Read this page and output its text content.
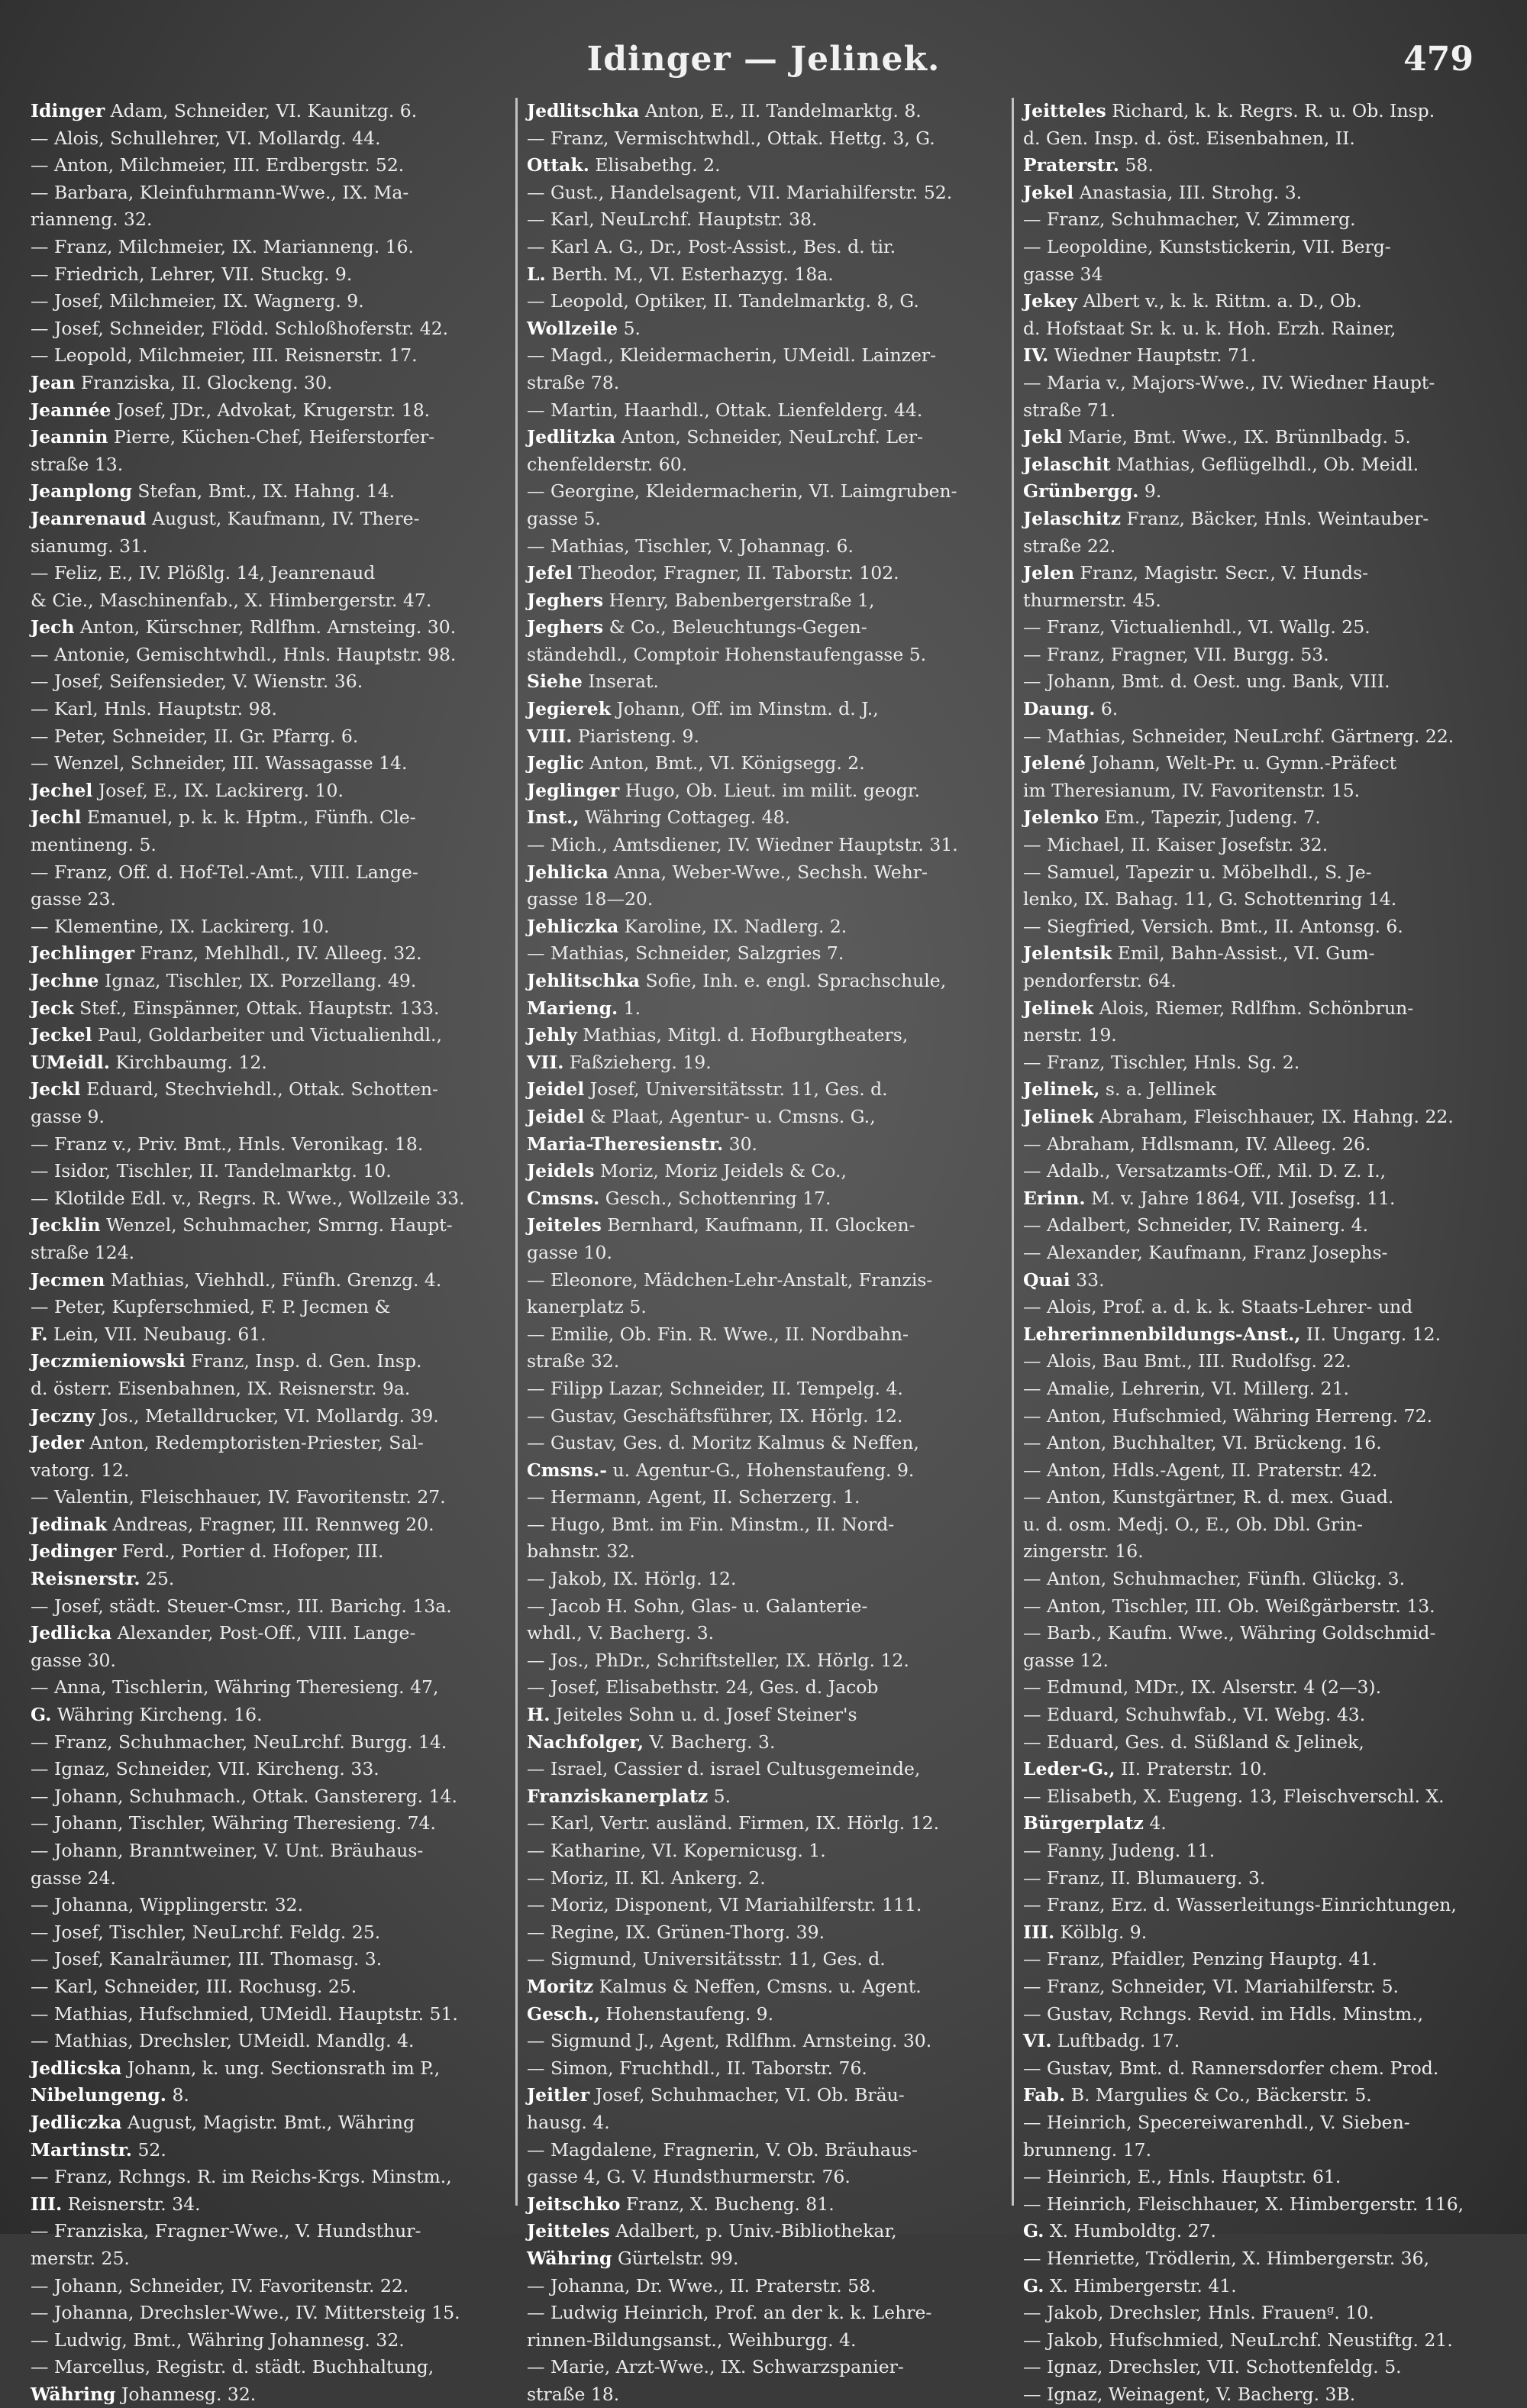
Idinger — Jelinek.	479
Idinger Adam, Schneider, VI. Kaunitzg. 6.
— Alois, Schullehrer, VI. Mollardg. 44.
— Anton, Milchmeier, III. Erdbergstr. 52.
— Barbara, Kleinfuhrmann-Wwe., IX. Ma-
rianneng. 32.
— Franz, Milchmeier, IX. Marianneng. 16.
— Friedrich, Lehrer, VII. Stuckg. 9.
— Josef, Milchmeier, IX. Wagnerg. 9.
— Josef, Schneider, Flödd. Schloßhoferstr. 42.
— Leopold, Milchmeier, III. Reisnerstr. 17.
Jean Franziska, II. Glockeng. 30.
Jeannée Josef, JDr., Advokat, Krugerstr. 18.
Jeannin Pierre, Küchen-Chef, Heiferstorfer-
straße 13.
Jeanplong Stefan, Bmt., IX. Hahng. 14.
Jeanrenaud August, Kaufmann, IV. There-
sianumg. 31.
— Feliz, E., IV. Plößlg. 14, Jeanrenaud
& Cie., Maschinenfab., X. Himbergerstr. 47.
Jech Anton, Kürschner, Rdlfhm. Arnsteing. 30.
— Antonie, Gemischtwhdl., Hnls. Hauptstr. 98.
— Josef, Seifensieder, V. Wienstr. 36.
— Karl, Hnls. Hauptstr. 98.
— Peter, Schneider, II. Gr. Pfarrg. 6.
— Wenzel, Schneider, III. Wassagasse 14.
Jechel Josef, E., IX. Lackirerg. 10.
Jechl Emanuel, p. k. k. Hptm., Fünfh. Cle-
mentineng. 5.
— Franz, Off. d. Hof-Tel.-Amt., VIII. Lange-
gasse 23.
— Klementine, IX. Lackirerg. 10.
Jechlinger Franz, Mehlhdl., IV. Alleeg. 32.
Jechne Ignaz, Tischler, IX. Porzellang. 49.
Jeck Stef., Einspänner, Ottak. Hauptstr. 133.
Jeckel Paul, Goldarbeiter und Victualienhdl.,
UMeidl. Kirchbaumg. 12.
Jeckl Eduard, Stechviehdl., Ottak. Schotten-
gasse 9.
— Franz v., Priv. Bmt., Hnls. Veronikag. 18.
— Isidor, Tischler, II. Tandelmarktg. 10.
— Klotilde Edl. v., Regrs. R. Wwe., Wollzeile 33.
Jecklin Wenzel, Schuhmacher, Smrng. Haupt-
straße 124.
Jecmen Mathias, Viehhdl., Fünfh. Grenzg. 4.
— Peter, Kupferschmied, F. P. Jecmen &
F. Lein, VII. Neubaug. 61.
Jeczmieniowski Franz, Insp. d. Gen. Insp.
d. österr. Eisenbahnen, IX. Reisnerstr. 9a.
Jeczny Jos., Metalldrucker, VI. Mollardg. 39.
Jeder Anton, Redemptoristen-Priester, Sal-
vatorg. 12.
— Valentin, Fleischhauer, IV. Favoritenstr. 27.
Jedinak Andreas, Fragner, III. Rennweg 20.
Jedinger Ferd., Portier d. Hofoper, III.
Reisnerstr. 25.
— Josef, städt. Steuer-Cmsr., III. Barichg. 13a.
Jedlicka Alexander, Post-Off., VIII. Lange-
gasse 30.
— Anna, Tischlerin, Währing Theresieng. 47,
G. Währing Kircheng. 16.
— Franz, Schuhmacher, NeuLrchf. Burgg. 14.
— Ignaz, Schneider, VII. Kircheng. 33.
— Johann, Schuhmach., Ottak. Ganstererg. 14.
— Johann, Tischler, Währing Theresieng. 74.
— Johann, Branntweiner, V. Unt. Bräuhaus-
gasse 24.
— Johanna, Wipplingerstr. 32.
— Josef, Tischler, NeuLrchf. Feldg. 25.
— Josef, Kanalräumer, III. Thomasg. 3.
— Karl, Schneider, III. Rochusg. 25.
— Mathias, Hufschmied, UMeidl. Hauptstr. 51.
— Mathias, Drechsler, UMeidl. Mandlg. 4.
Jedlicska Johann, k. ung. Sectionsrath im P.,
Nibelungeng. 8.
Jedliczka August, Magistr. Bmt., Währing
Martinstr. 52.
— Franz, Rchngs. R. im Reichs-Krgs. Minstm.,
III. Reisnerstr. 34.
— Franziska, Fragner-Wwe., V. Hundsthur-
merstr. 25.
— Johann, Schneider, IV. Favoritenstr. 22.
— Johanna, Drechsler-Wwe., IV. Mittersteig 15.
— Ludwig, Bmt., Währing Johannesg. 32.
— Marcellus, Registr. d. städt. Buchhaltung,
Währing Johannesg. 32.
Jedlitschka Anton, E., II. Tandelmarktg. 8.
— Franz, Vermischtwhdl., Ottak. Hettg. 3, G.
Ottak. Elisabethg. 2.
— Gust., Handelsagent, VII. Mariahilferstr. 52.
— Karl, NeuLrchf. Hauptstr. 38.
— Karl A. G., Dr., Post-Assist., Bes. d. tir.
L. Berth. M., VI. Esterhazyg. 18a.
— Leopold, Optiker, II. Tandelmarktg. 8, G.
Wollzeile 5.
— Magd., Kleidermacherin, UMeidl. Lainzer-
straße 78.
— Martin, Haarhdl., Ottak. Lienfelderg. 44.
Jedlitzka Anton, Schneider, NeuLrchf. Ler-
chenfelderstr. 60.
— Georgine, Kleidermacherin, VI. Laimgruben-
gasse 5.
— Mathias, Tischler, V. Johannag. 6.
Jefel Theodor, Fragner, II. Taborstr. 102.
Jeghers Henry, Babenbergerstraße 1,
Jeghers & Co., Beleuchtungs-Gegen-
ständehdl., Comptoir Hohenstaufengasse 5.
Siehe Inserat.
Jegierek Johann, Off. im Minstm. d. J.,
VIII. Piaristeng. 9.
Jeglic Anton, Bmt., VI. Königsegg. 2.
Jeglinger Hugo, Ob. Lieut. im milit. geogr.
Inst., Währing Cottageg. 48.
— Mich., Amtsdiener, IV. Wiedner Hauptstr. 31.
Jehlicka Anna, Weber-Wwe., Sechsh. Wehr-
gasse 18—20.
Jehliczka Karoline, IX. Nadlerg. 2.
— Mathias, Schneider, Salzgries 7.
Jehlitschka Sofie, Inh. e. engl. Sprachschule,
Marieng. 1.
Jehly Mathias, Mitgl. d. Hofburgtheaters,
VII. Faßzieherg. 19.
Jeidel Josef, Universitätsstr. 11, Ges. d.
Jeidel & Plaat, Agentur- u. Cmsns. G.,
Maria-Theresienstr. 30.
Jeidels Moriz, Moriz Jeidels & Co.,
Cmsns. Gesch., Schottenring 17.
Jeiteles Bernhard, Kaufmann, II. Glocken-
gasse 10.
— Eleonore, Mädchen-Lehr-Anstalt, Franzis-
kanerplatz 5.
— Emilie, Ob. Fin. R. Wwe., II. Nordbahn-
straße 32.
— Filipp Lazar, Schneider, II. Tempelg. 4.
— Gustav, Geschäftsführer, IX. Hörlg. 12.
— Gustav, Ges. d. Moritz Kalmus & Neffen,
Cmsns.- u. Agentur-G., Hohenstaufeng. 9.
— Hermann, Agent, II. Scherzerg. 1.
— Hugo, Bmt. im Fin. Minstm., II. Nord-
bahnstr. 32.
— Jakob, IX. Hörlg. 12.
— Jacob H. Sohn, Glas- u. Galanterie-
whdl., V. Bacherg. 3.
— Jos., PhDr., Schriftsteller, IX. Hörlg. 12.
— Josef, Elisabethstr. 24, Ges. d. Jacob
H. Jeiteles Sohn u. d. Josef Steiner's
Nachfolger, V. Bacherg. 3.
— Israel, Cassier d. israel Cultusgemeinde,
Franziskanerplatz 5.
— Karl, Vertr. ausländ. Firmen, IX. Hörlg. 12.
— Katharine, VI. Kopernicusg. 1.
— Moriz, II. Kl. Ankerg. 2.
— Moriz, Disponent, VI Mariahilferstr. 111.
— Regine, IX. Grünen-Thorg. 39.
— Sigmund, Universitätsstr. 11, Ges. d.
Moritz Kalmus & Neffen, Cmsns. u. Agent.
Gesch., Hohenstaufeng. 9.
— Sigmund J., Agent, Rdlfhm. Arnsteing. 30.
— Simon, Fruchthdl., II. Taborstr. 76.
Jeitler Josef, Schuhmacher, VI. Ob. Bräu-
hausg. 4.
— Magdalene, Fragnerin, V. Ob. Bräuhaus-
gasse 4, G. V. Hundsthurmerstr. 76.
Jeitschko Franz, X. Bucheng. 81.
Jeitteles Adalbert, p. Univ.-Bibliothekar,
Währing Gürtelstr. 99.
— Johanna, Dr. Wwe., II. Praterstr. 58.
— Ludwig Heinrich, Prof. an der k. k. Lehre-
rinnen-Bildungsanst., Weihburgg. 4.
— Marie, Arzt-Wwe., IX. Schwarzspanier-
straße 18.
Jeitteles Richard, k. k. Regrs. R. u. Ob. Insp.
d. Gen. Insp. d. öst. Eisenbahnen, II.
Praterstr. 58.
Jekel Anastasia, III. Strohg. 3.
— Franz, Schuhmacher, V. Zimmerg.
— Leopoldine, Kunststickerin, VII. Berg-
gasse 34
Jekey Albert v., k. k. Rittm. a. D., Ob.
d. Hofstaat Sr. k. u. k. Hoh. Erzh. Rainer,
IV. Wiedner Hauptstr. 71.
— Maria v., Majors-Wwe., IV. Wiedner Haupt-
straße 71.
Jekl Marie, Bmt. Wwe., IX. Brünnlbadg. 5.
Jelaschit Mathias, Geflügelhdl., Ob. Meidl.
Grünbergg. 9.
Jelaschitz Franz, Bäcker, Hnls. Weintauber-
straße 22.
Jelen Franz, Magistr. Secr., V. Hunds-
thurmerstr. 45.
— Franz, Victualienhdl., VI. Wallg. 25.
— Franz, Fragner, VII. Burgg. 53.
— Johann, Bmt. d. Oest. ung. Bank, VIII.
Daung. 6.
— Mathias, Schneider, NeuLrchf. Gärtnerg. 22.
Jelené Johann, Welt-Pr. u. Gymn.-Präfect
im Theresianum, IV. Favoritenstr. 15.
Jelenko Em., Tapezir, Judeng. 7.
— Michael, II. Kaiser Josefstr. 32.
— Samuel, Tapezir u. Möbelhdl., S. Je-
lenko, IX. Bahag. 11, G. Schottenring 14.
— Siegfried, Versich. Bmt., II. Antonsg. 6.
Jelentsik Emil, Bahn-Assist., VI. Gum-
pendorferstr. 64.
Jelinek Alois, Riemer, Rdlfhm. Schönbrun-
nerstr. 19.
— Franz, Tischler, Hnls. Sg. 2.
Jelinek, s. a. Jellinek
Jelinek Abraham, Fleischhauer, IX. Hahng. 22.
— Abraham, Hdlsmann, IV. Alleeg. 26.
— Adalb., Versatzamts-Off., Mil. D. Z. I.,
Erinn. M. v. Jahre 1864, VII. Josefsg. 11.
— Adalbert, Schneider, IV. Rainerg. 4.
— Alexander, Kaufmann, Franz Josephs-
Quai 33.
— Alois, Prof. a. d. k. k. Staats-Lehrer- und
Lehrerinnenbildungs-Anst., II. Ungarg. 12.
— Alois, Bau Bmt., III. Rudolfsg. 22.
— Amalie, Lehrerin, VI. Millerg. 21.
— Anton, Hufschmied, Währing Herreng. 72.
— Anton, Buchhalter, VI. Brückeng. 16.
— Anton, Hdls.-Agent, II. Praterstr. 42.
— Anton, Kunstgärtner, R. d. mex. Guad.
u. d. osm. Medj. O., E., Ob. Dbl. Grin-
zingerstr. 16.
— Anton, Schuhmacher, Fünfh. Glückg. 3.
— Anton, Tischler, III. Ob. Weißgärberstr. 13.
— Barb., Kaufm. Wwe., Währing Goldschmid-
gasse 12.
— Edmund, MDr., IX. Alserstr. 4 (2—3).
— Eduard, Schuhwfab., VI. Webg. 43.
— Eduard, Ges. d. Süßland & Jelinek,
Leder-G., II. Praterstr. 10.
— Elisabeth, X. Eugeng. 13, Fleischverschl. X.
Bürgerplatz 4.
— Fanny, Judeng. 11.
— Franz, II. Blumauerg. 3.
— Franz, Erz. d. Wasserleitungs-Einrichtungen,
III. Kölblg. 9.
— Franz, Pfaidler, Penzing Hauptg. 41.
— Franz, Schneider, VI. Mariahilferstr. 5.
— Gustav, Rchngs. Revid. im Hdls. Minstm.,
VI. Luftbadg. 17.
— Gustav, Bmt. d. Rannersdorfer chem. Prod.
Fab. B. Margulies & Co., Bäckerstr. 5.
— Heinrich, Specereiwarenhdl., V. Sieben-
brunneng. 17.
— Heinrich, E., Hnls. Hauptstr. 61.
— Heinrich, Fleischhauer, X. Himbergerstr. 116,
G. X. Humboldtg. 27.
— Henriette, Trödlerin, X. Himbergerstr. 36,
G. X. Himbergerstr. 41.
— Jakob, Drechsler, Hnls. Frauenᵍ. 10.
— Jakob, Hufschmied, NeuLrchf. Neustiftg. 21.
— Ignaz, Drechsler, VII. Schottenfeldg. 5.
— Ignaz, Weinagent, V. Bacherg. 3B.
